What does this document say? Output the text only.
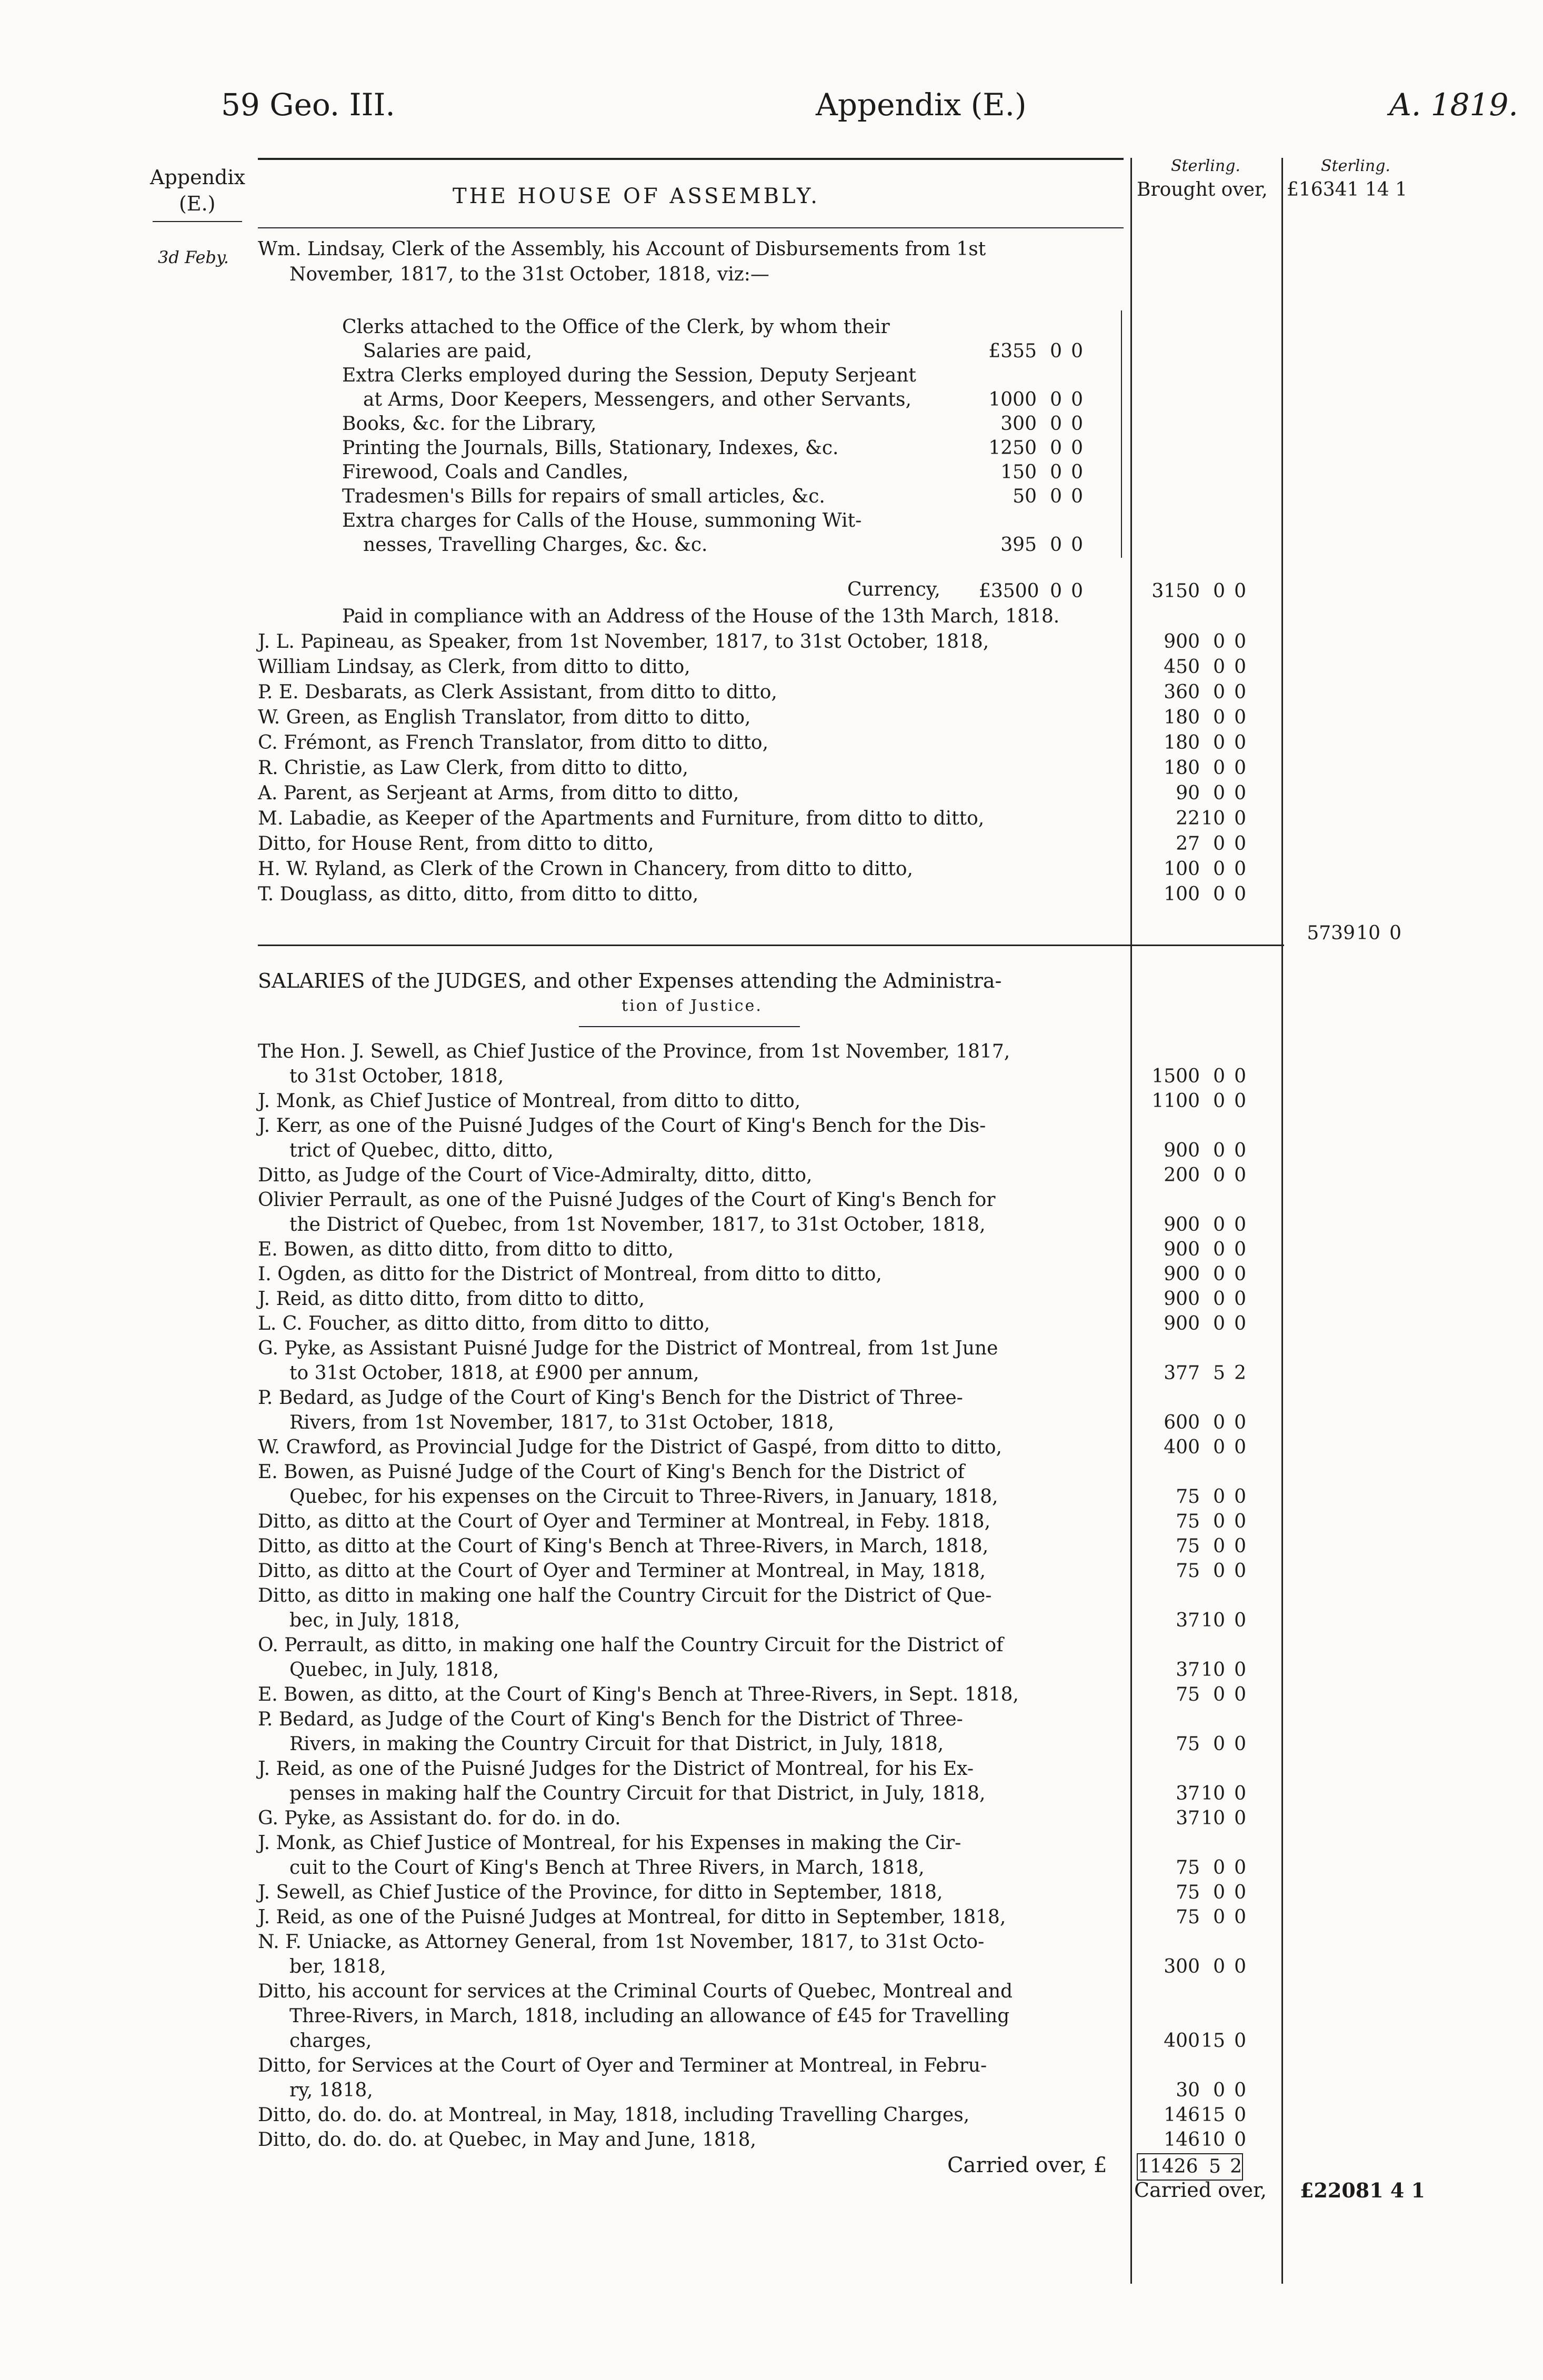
59 Geo. III.	Appendix (E.)	A. 1819.
Appendix
(E.)
3d Feby.
Sterling.	Sterling.
Brought over, £16341 14 1
THE HOUSE OF ASSEMBLY.
Wm. Lindsay, Clerk of the Assembly, his Account of Disbursements from 1st
November, 1817, to the 31st October, 1818, viz:—
Clerks attached to the Office of the Clerk, by whom their
Salaries are paid,	£355 0 0
Extra Clerks employed during the Session, Deputy Serjeant
at Arms, Door Keepers, Messengers, and other Servants,	1000 0 0
Books, &c. for the Library,	300 0 0
Printing the Journals, Bills, Stationary, Indexes, &c.	1250 0 0
Firewood, Coals and Candles,	150 0 0
Tradesmen's Bills for repairs of small articles, &c.	50 0 0
Extra charges for Calls of the House, summoning Wit-
nesses, Travelling Charges, &c. &c.	395 0 0
Currency, £3500 0 0	3150 0 0
Paid in compliance with an Address of the House of the 13th March, 1818.
J. L. Papineau, as Speaker, from 1st November, 1817, to 31st October, 1818,	900 0 0
William Lindsay, as Clerk, from ditto to ditto,	450 0 0
P. E. Desbarats, as Clerk Assistant, from ditto to ditto,	360 0 0
W. Green, as English Translator, from ditto to ditto,	180 0 0
C. Frémont, as French Translator, from ditto to ditto,	180 0 0
R. Christie, as Law Clerk, from ditto to ditto,	180 0 0
A. Parent, as Serjeant at Arms, from ditto to ditto,	90 0 0
M. Labadie, as Keeper of the Apartments and Furniture, from ditto to ditto,	2210 0
Ditto, for House Rent, from ditto to ditto,	27 0 0
H. W. Ryland, as Clerk of the Crown in Chancery, from ditto to ditto,	100 0 0
T. Douglass, as ditto, ditto, from ditto to ditto,	100 0 0
573910 0
SALARIES of the JUDGES, and other Expenses attending the Administra-
tion of Justice.
The Hon. J. Sewell, as Chief Justice of the Province, from 1st November, 1817,
to 31st October, 1818,	1500 0 0
J. Monk, as Chief Justice of Montreal, from ditto to ditto,	1100 0 0
J. Kerr, as one of the Puisné Judges of the Court of King's Bench for the Dis-
trict of Quebec, ditto, ditto,	900 0 0
Ditto, as Judge of the Court of Vice-Admiralty, ditto, ditto,	200 0 0
Olivier Perrault, as one of the Puisné Judges of the Court of King's Bench for
the District of Quebec, from 1st November, 1817, to 31st October, 1818,	900 0 0
E. Bowen, as ditto ditto, from ditto to ditto,	900 0 0
I. Ogden, as ditto for the District of Montreal, from ditto to ditto,	900 0 0
J. Reid, as ditto ditto, from ditto to ditto,	900 0 0
L. C. Foucher, as ditto ditto, from ditto to ditto,	900 0 0
G. Pyke, as Assistant Puisné Judge for the District of Montreal, from 1st June
to 31st October, 1818, at £900 per annum,	377 5 2
P. Bedard, as Judge of the Court of King's Bench for the District of Three-
Rivers, from 1st November, 1817, to 31st October, 1818,	600 0 0
W. Crawford, as Provincial Judge for the District of Gaspé, from ditto to ditto,	400 0 0
E. Bowen, as Puisné Judge of the Court of King's Bench for the District of
Quebec, for his expenses on the Circuit to Three-Rivers, in January, 1818,	75 0 0
Ditto, as ditto at the Court of Oyer and Terminer at Montreal, in Feby. 1818,	75 0 0
Ditto, as ditto at the Court of King's Bench at Three-Rivers, in March, 1818,	75 0 0
Ditto, as ditto at the Court of Oyer and Terminer at Montreal, in May, 1818,	75 0 0
Ditto, as ditto in making one half the Country Circuit for the District of Que-
bec, in July, 1818,	3710 0
O. Perrault, as ditto, in making one half the Country Circuit for the District of
Quebec, in July, 1818,	3710 0
E. Bowen, as ditto, at the Court of King's Bench at Three-Rivers, in Sept. 1818,	75 0 0
P. Bedard, as Judge of the Court of King's Bench for the District of Three-
Rivers, in making the Country Circuit for that District, in July, 1818,	75 0 0
J. Reid, as one of the Puisné Judges for the District of Montreal, for his Ex-
penses in making half the Country Circuit for that District, in July, 1818,	3710 0
G. Pyke, as Assistant do. for do. in do.	3710 0
J. Monk, as Chief Justice of Montreal, for his Expenses in making the Cir-
cuit to the Court of King's Bench at Three Rivers, in March, 1818,	75 0 0
J. Sewell, as Chief Justice of the Province, for ditto in September, 1818,	75 0 0
J. Reid, as one of the Puisné Judges at Montreal, for ditto in September, 1818,	75 0 0
N. F. Uniacke, as Attorney General, from 1st November, 1817, to 31st Octo-
ber, 1818,	300 0 0
Ditto, his account for services at the Criminal Courts of Quebec, Montreal and
Three-Rivers, in March, 1818, including an allowance of £45 for Travelling
charges,	40015 0
Ditto, for Services at the Court of Oyer and Terminer at Montreal, in Febru-
ry, 1818,	30 0 0
Ditto, do. do. do. at Montreal, in May, 1818, including Travelling Charges,	14615 0
Ditto, do. do. do. at Quebec, in May and June, 1818,	14610 0
Carried over, £ 11426 5 2
Carried over, £22081 4 1
